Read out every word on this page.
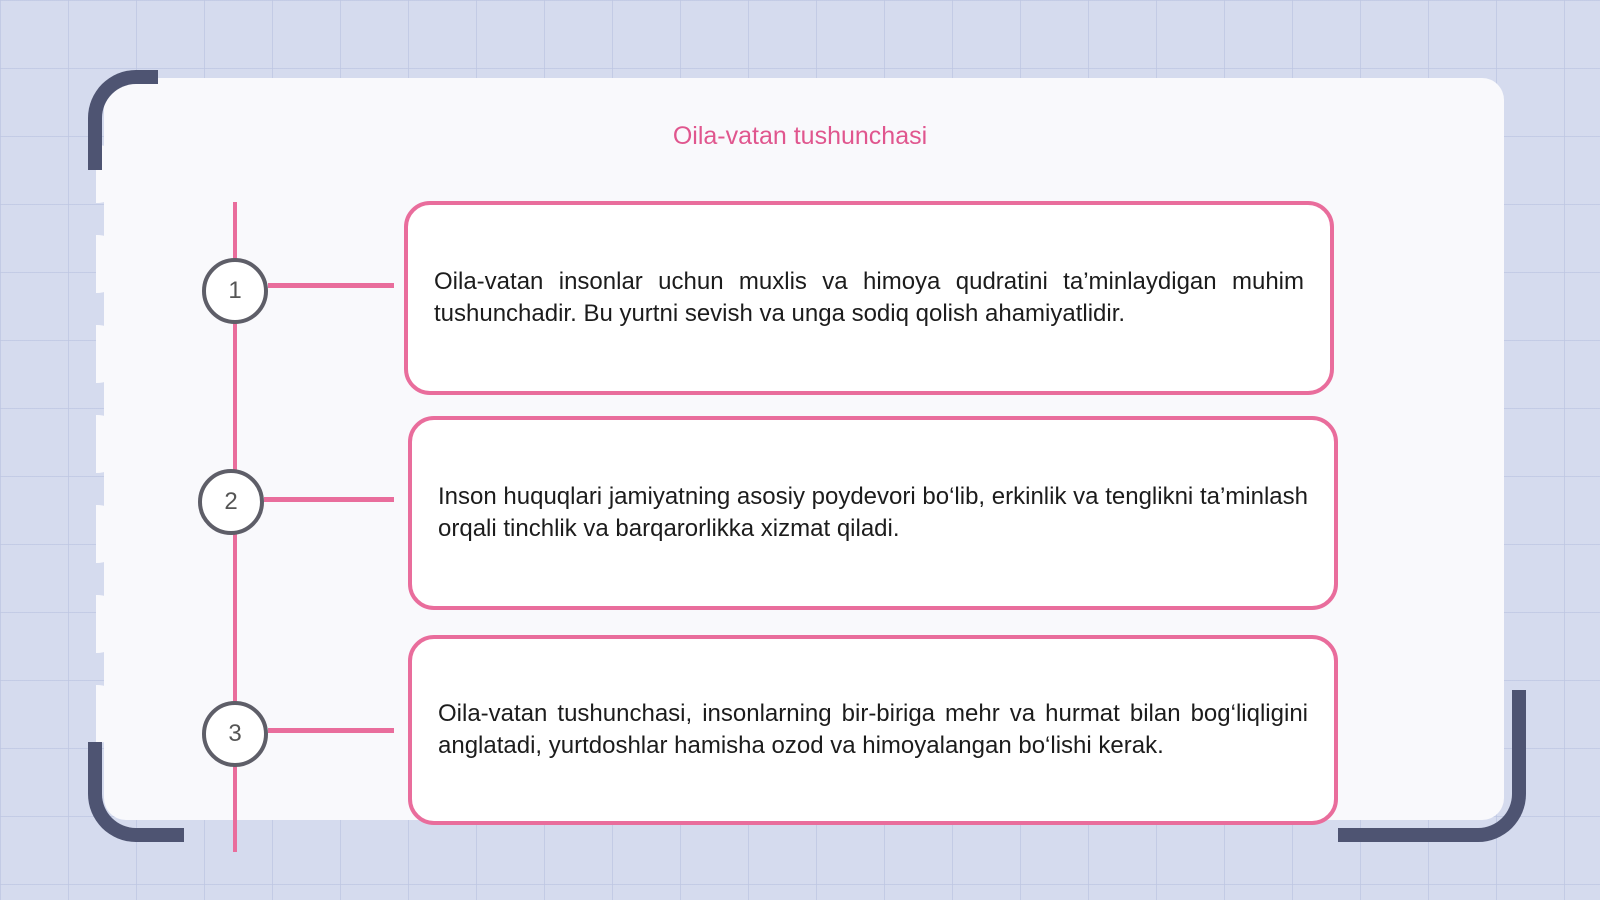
Oila-vatan tushunchasi
1
2
3

Oila-vatan insonlar uchun muxlis va himoya qudratini ta’minlaydigan muhim tushunchadir. Bu yurtni sevish va unga sodiq qolish ahamiyatlidir.

Inson huquqlari jamiyatning asosiy poydevori bo‘lib, erkinlik va tenglikni ta’minlash orqali tinchlik va barqarorlikka xizmat qiladi.

Oila-vatan tushunchasi, insonlarning bir-biriga mehr va hurmat bilan bog‘liqligini anglatadi, yurtdoshlar hamisha ozod va himoyalangan bo‘lishi kerak.
